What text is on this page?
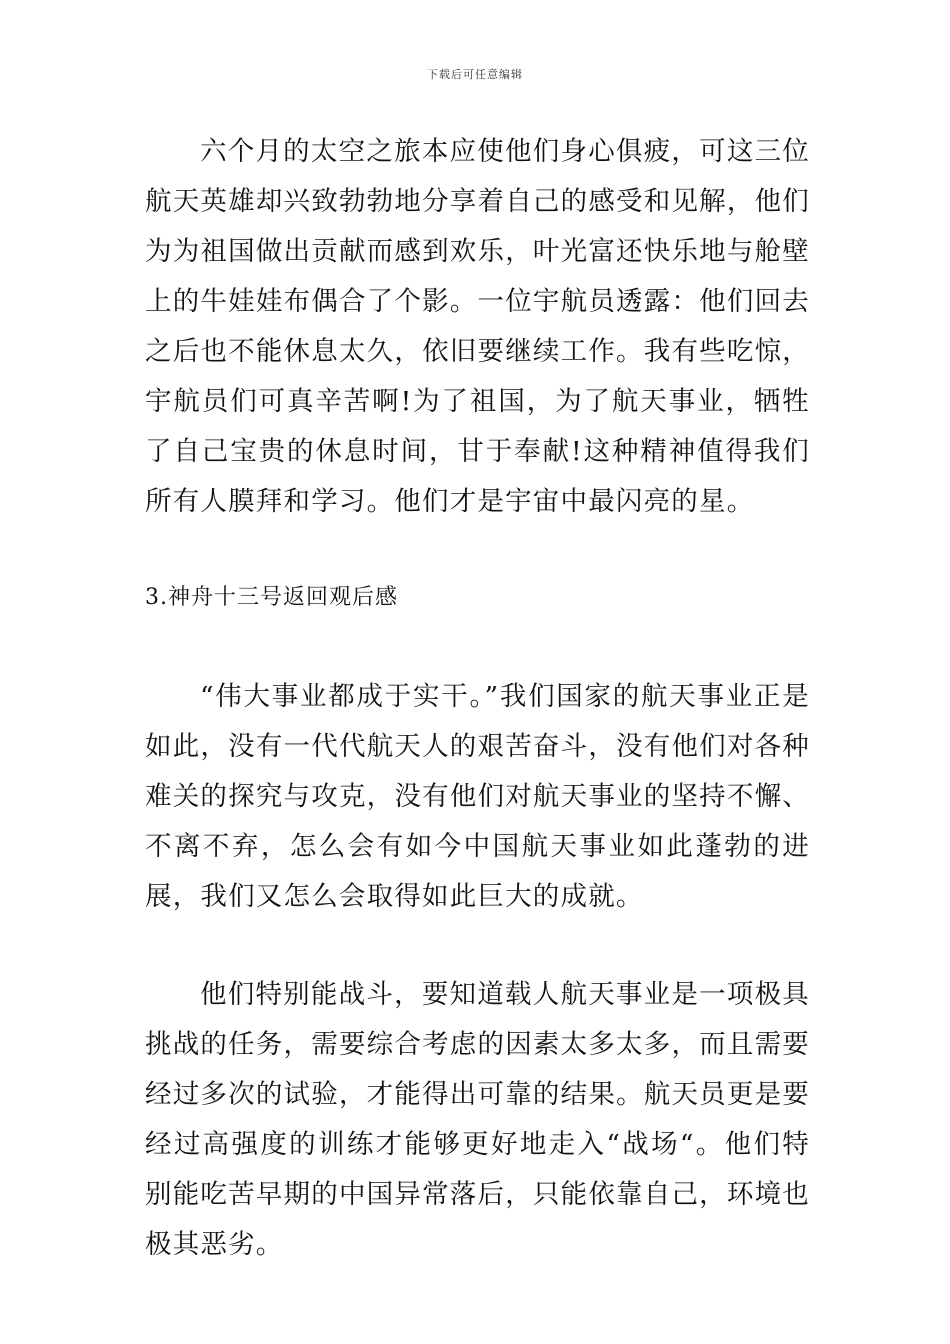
下载后可任意编辑

六个月的太空之旅本应使他们身心俱疲，可这三位航天英雄却兴致勃勃地分享着自己的感受和见解，他们为为祖国做出贡献而感到欢乐，叶光富还快乐地与舱壁上的牛娃娃布偶合了个影。一位宇航员透露：他们回去之后也不能休息太久，依旧要继续工作。我有些吃惊，宇航员们可真辛苦啊!为了祖国，为了航天事业，牺牲了自己宝贵的休息时间，甘于奉献!这种精神值得我们所有人膜拜和学习。他们才是宇宙中最闪亮的星。

3.神舟十三号返回观后感

“伟大事业都成于实干。”我们国家的航天事业正是如此，没有一代代航天人的艰苦奋斗，没有他们对各种难关的探究与攻克，没有他们对航天事业的坚持不懈、不离不弃，怎么会有如今中国航天事业如此蓬勃的进展，我们又怎么会取得如此巨大的成就。

他们特别能战斗，要知道载人航天事业是一项极具挑战的任务，需要综合考虑的因素太多太多，而且需要经过多次的试验，才能得出可靠的结果。航天员更是要经过高强度的训练才能够更好地走入“战场“。他们特别能吃苦早期的中国异常落后，只能依靠自己，环境也极其恶劣。
